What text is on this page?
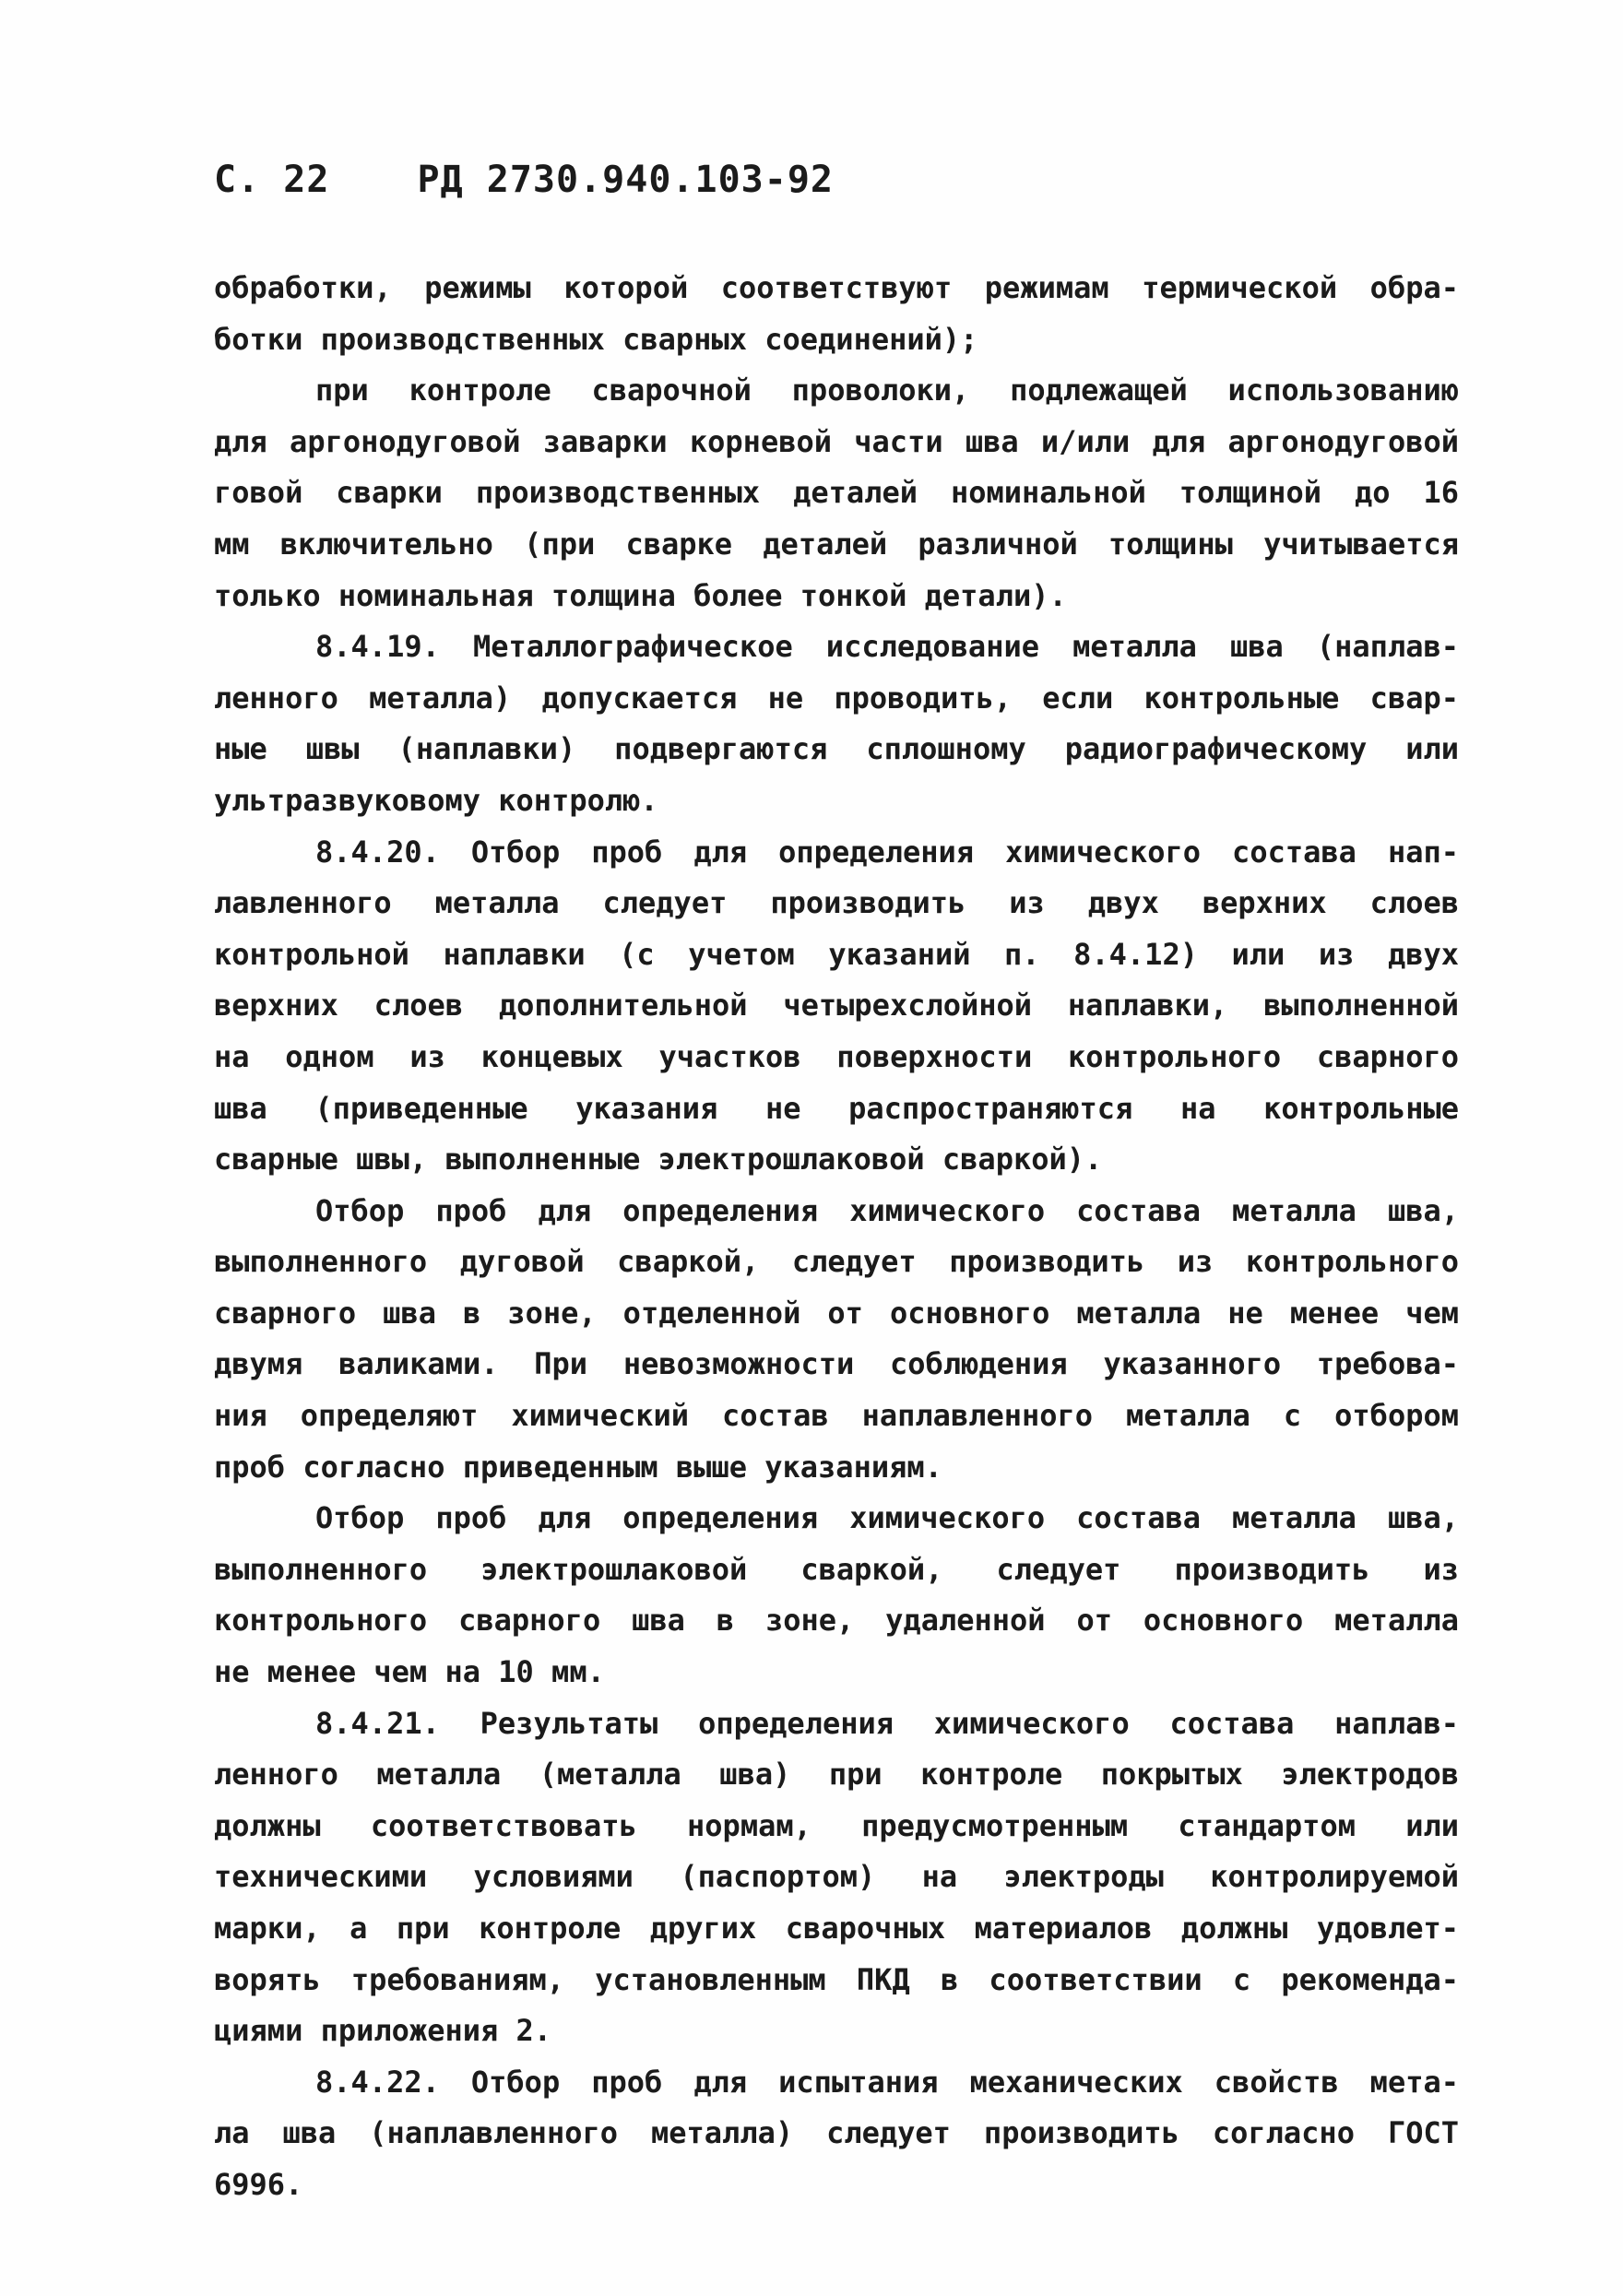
С. 22 РД 2730.940.103-92
обработки, режимы которой соответствуют режимам термической обра-
ботки производственных сварных соединений);
при контроле сварочной проволоки, подлежащей использованию
для аргонодуговой заварки корневой части шва и/или для аргонодуговой
говой сварки производственных деталей номинальной толщиной до 16
мм включительно (при сварке деталей различной толщины учитывается
только номинальная толщина более тонкой детали).
8.4.19. Металлографическое исследование металла шва (наплав-
ленного металла) допускается не проводить, если контрольные свар-
ные швы (наплавки) подвергаются сплошному радиографическому или
ультразвуковому контролю.
8.4.20. Отбор проб для определения химического состава нап-
лавленного металла следует производить из двух верхних слоев
контрольной наплавки (с учетом указаний п. 8.4.12) или из двух
верхних слоев дополнительной четырехслойной наплавки, выполненной
на одном из концевых участков поверхности контрольного сварного
шва (приведенные указания не распространяются на контрольные
сварные швы, выполненные электрошлаковой сваркой).
Отбор проб для определения химического состава металла шва,
выполненного дуговой сваркой, следует производить из контрольного
сварного шва в зоне, отделенной от основного металла не менее чем
двумя валиками. При невозможности соблюдения указанного требова-
ния определяют химический состав наплавленного металла с отбором
проб согласно приведенным выше указаниям.
Отбор проб для определения химического состава металла шва,
выполненного электрошлаковой сваркой, следует производить из
контрольного сварного шва в зоне, удаленной от основного металла
не менее чем на 10 мм.
8.4.21. Результаты определения химического состава наплав-
ленного металла (металла шва) при контроле покрытых электродов
должны соответствовать нормам, предусмотренным стандартом или
техническими условиями (паспортом) на электроды контролируемой
марки, а при контроле других сварочных материалов должны удовлет-
ворять требованиям, установленным ПКД в соответствии с рекоменда-
циями приложения 2.
8.4.22. Отбор проб для испытания механических свойств мета-
ла шва (наплавленного металла) следует производить согласно ГОСТ
6996.
